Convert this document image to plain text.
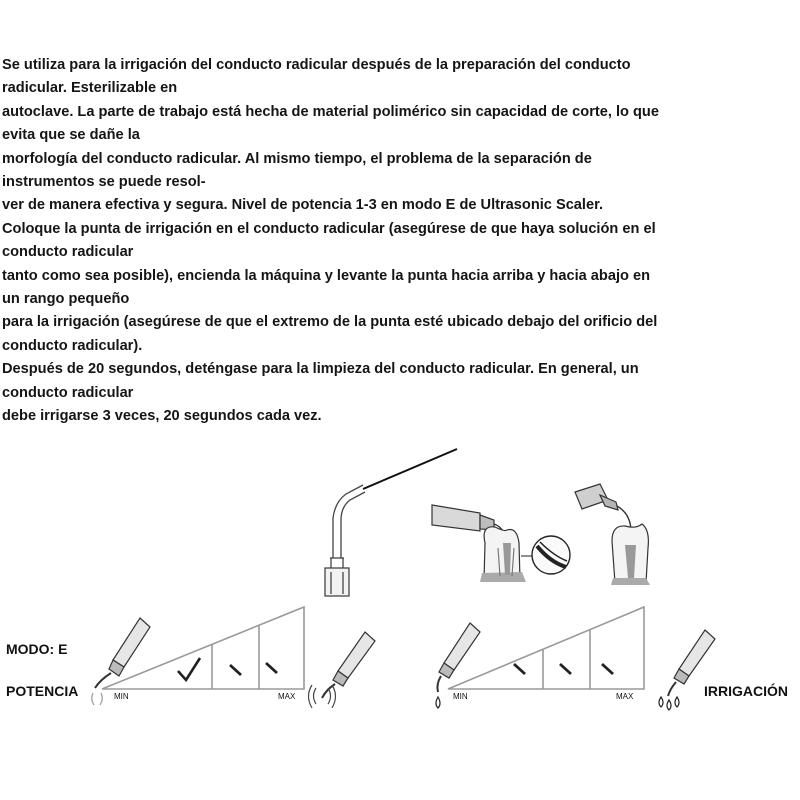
Se utiliza para la irrigación del conducto radicular después de la preparación del conducto
radicular. Esterilizable en
autoclave. La parte de trabajo está hecha de material polimérico sin capacidad de corte, lo que
evita que se dañe la
morfología del conducto radicular. Al mismo tiempo, el problema de la separación de
instrumentos se puede resol-
ver de manera efectiva y segura. Nivel de potencia 1-3 en modo E de Ultrasonic Scaler.
Coloque la punta de irrigación en el conducto radicular (asegúrese de que haya solución en el
conducto radicular
tanto como sea posible), encienda la máquina y levante la punta hacia arriba y hacia abajo en
un rango pequeño
para la irrigación (asegúrese de que el extremo de la punta esté ubicado debajo del orificio del
conducto radicular).
Después de 20 segundos, deténgase para la limpieza del conducto radicular. En general, un
conducto radicular
debe irrigarse 3 veces, 20 segundos cada vez.
MIN	MAX
MODO: E
POTENCIA	MIN	MAX	IRRIGACIÓN
